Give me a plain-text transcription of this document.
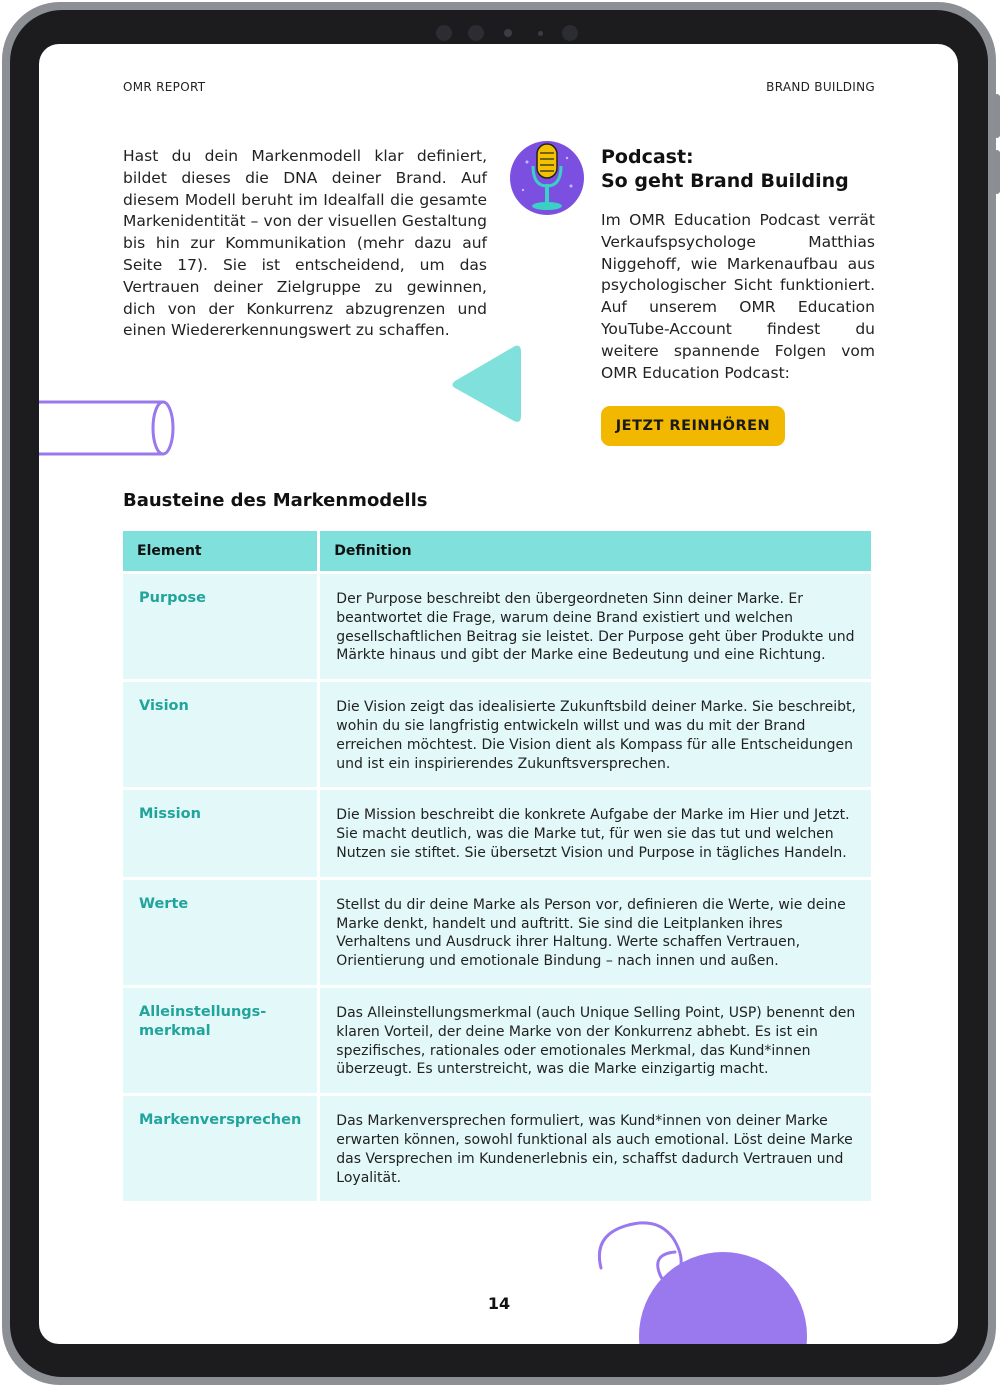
OMR REPORT	BRAND BUILDING
Hast du dein Markenmodell klar definiert, bildet dieses die DNA deiner Brand. Auf diesem Modell beruht im Idealfall die gesamte Markenidentität – von der visuellen Gestaltung bis hin zur Kommunikation (mehr dazu auf Seite 17). Sie ist entscheidend, um das Vertrauen deiner Zielgruppe zu gewinnen, dich von der Konkurrenz abzugrenzen und einen Wiedererkennungswert zu schaffen.
Podcast:
So geht Brand Building
Im OMR Education Podcast verrät Verkaufspsychologe Matthias Niggehoff, wie Markenaufbau aus psychologischer Sicht funktioniert. Auf unserem OMR Education YouTube-Account findest du weitere spannende Folgen vom OMR Education Podcast:
JETZT REINHÖREN
Bausteine des Markenmodells
Element	Definition
Purpose	Der Purpose beschreibt den übergeordneten Sinn deiner Marke. Er beantwortet die Frage, warum deine Brand existiert und welchen gesellschaftlichen Beitrag sie leistet. Der Purpose geht über Produkte und Märkte hinaus und gibt der Marke eine Bedeutung und eine Richtung.
Vision	Die Vision zeigt das idealisierte Zukunftsbild deiner Marke. Sie beschreibt, wohin du sie langfristig entwickeln willst und was du mit der Brand erreichen möchtest. Die Vision dient als Kompass für alle Entscheidungen und ist ein inspirierendes Zukunftsversprechen.
Mission	Die Mission beschreibt die konkrete Aufgabe der Marke im Hier und Jetzt. Sie macht deutlich, was die Marke tut, für wen sie das tut und welchen Nutzen sie stiftet. Sie übersetzt Vision und Purpose in tägliches Handeln.
Werte	Stellst du dir deine Marke als Person vor, definieren die Werte, wie deine Marke denkt, handelt und auftritt. Sie sind die Leitplanken ihres Verhaltens und Ausdruck ihrer Haltung. Werte schaffen Vertrauen, Orientierung und emotionale Bindung – nach innen und außen.
Alleinstellungsmerkmal	Das Alleinstellungsmerkmal (auch Unique Selling Point, USP) benennt den klaren Vorteil, der deine Marke von der Konkurrenz abhebt. Es ist ein spezifisches, rationales oder emotionales Merkmal, das Kund*innen überzeugt. Es unterstreicht, was die Marke einzigartig macht.
Markenversprechen	Das Markenversprechen formuliert, was Kund*innen von deiner Marke erwarten können, sowohl funktional als auch emotional. Löst deine Marke das Versprechen im Kundenerlebnis ein, schaffst dadurch Vertrauen und Loyalität.
14
